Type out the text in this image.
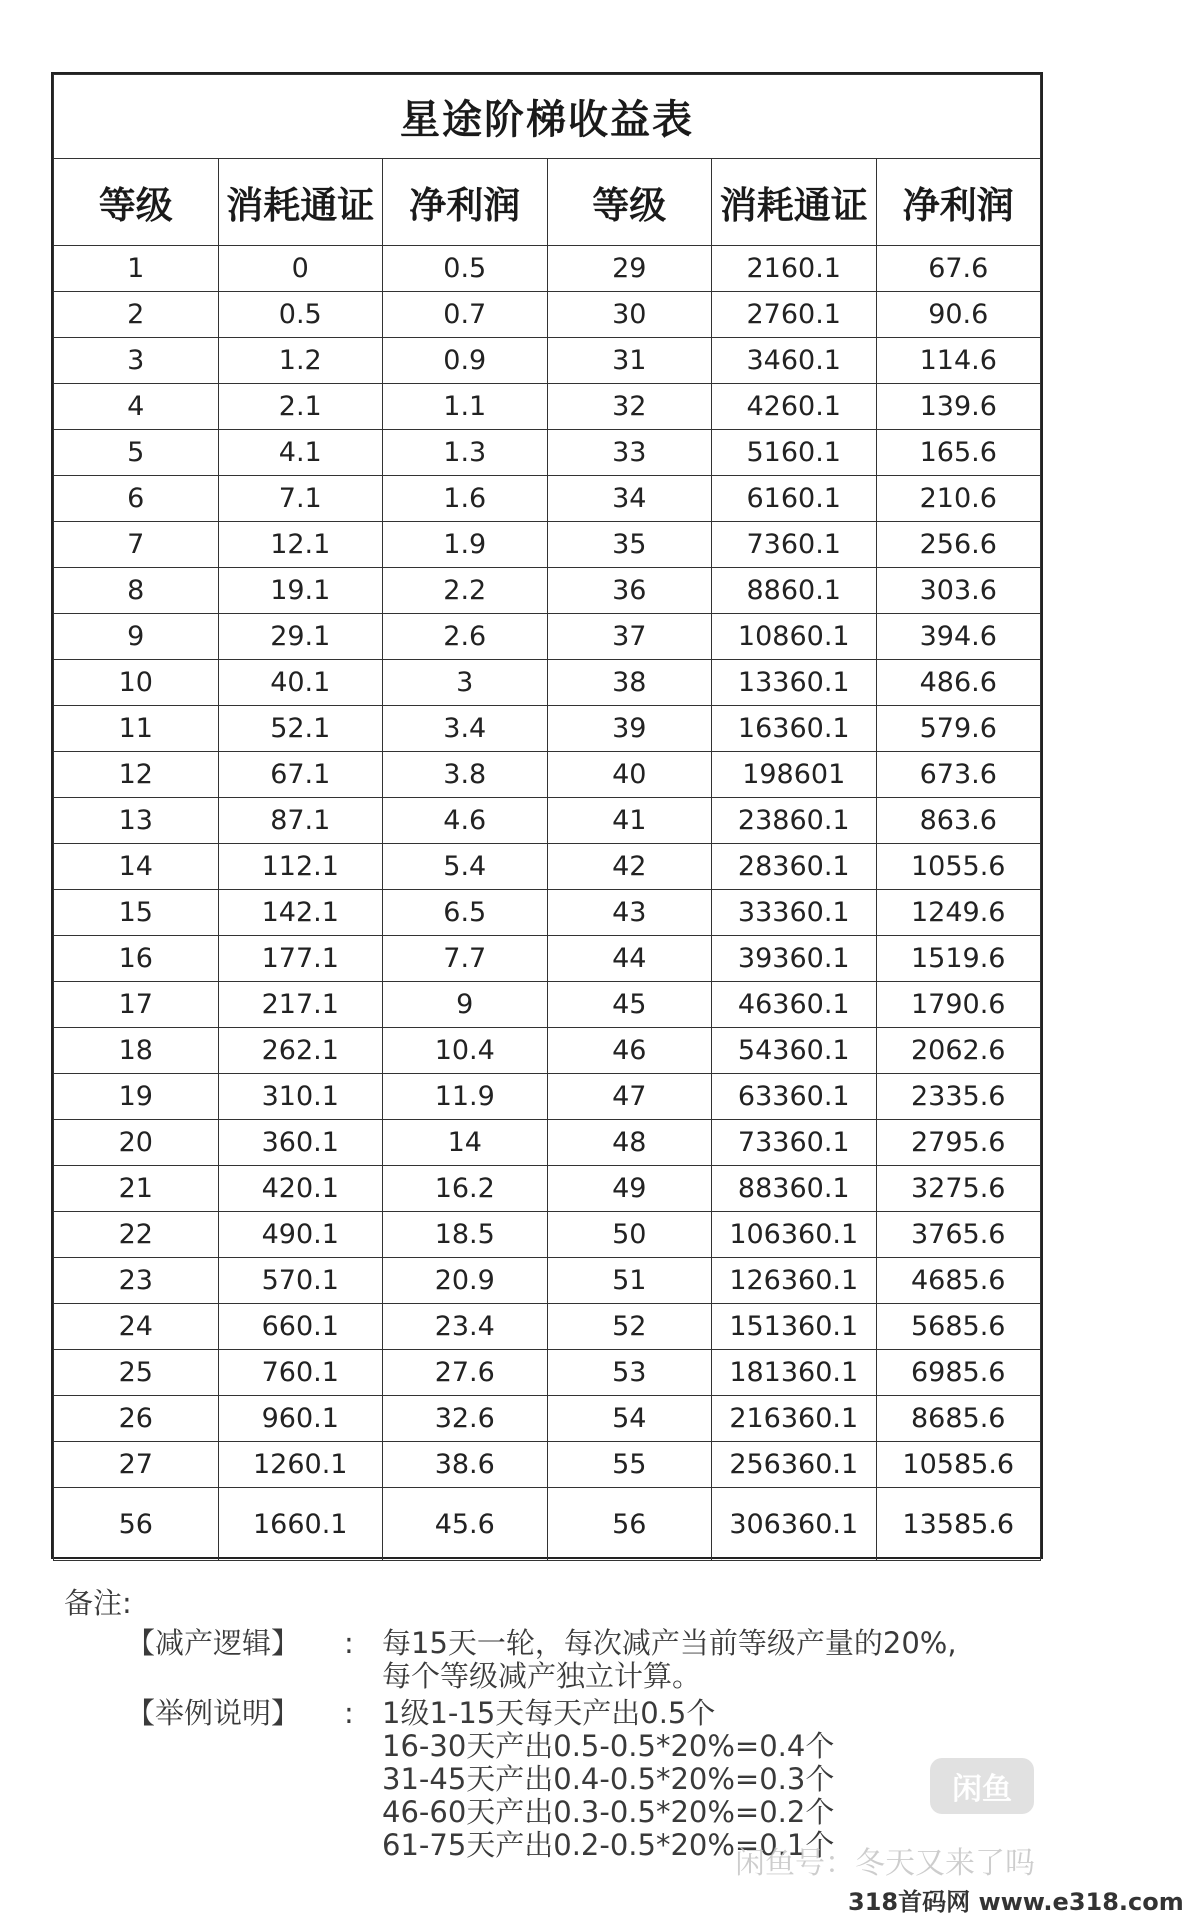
星途阶梯收益表					
等级	消耗通证	净利润	等级	消耗通证	净利润
1	0	0.5	29	2160.1	67.6
2	0.5	0.7	30	2760.1	90.6
3	1.2	0.9	31	3460.1	114.6
4	2.1	1.1	32	4260.1	139.6
5	4.1	1.3	33	5160.1	165.6
6	7.1	1.6	34	6160.1	210.6
7	12.1	1.9	35	7360.1	256.6
8	19.1	2.2	36	8860.1	303.6
9	29.1	2.6	37	10860.1	394.6
10	40.1	3	38	13360.1	486.6
11	52.1	3.4	39	16360.1	579.6
12	67.1	3.8	40	198601	673.6
13	87.1	4.6	41	23860.1	863.6
14	112.1	5.4	42	28360.1	1055.6
15	142.1	6.5	43	33360.1	1249.6
16	177.1	7.7	44	39360.1	1519.6
17	217.1	9	45	46360.1	1790.6
18	262.1	10.4	46	54360.1	2062.6
19	310.1	11.9	47	63360.1	2335.6
20	360.1	14	48	73360.1	2795.6
21	420.1	16.2	49	88360.1	3275.6
22	490.1	18.5	50	106360.1	3765.6
23	570.1	20.9	51	126360.1	4685.6
24	660.1	23.4	52	151360.1	5685.6
25	760.1	27.6	53	181360.1	6985.6
26	960.1	32.6	54	216360.1	8685.6
27	1260.1	38.6	55	256360.1	10585.6
56	1660.1	45.6	56	306360.1	13585.6
备注:
【减产逻辑】	: 每15天一轮，每次减产当前等级产量的20%,
每个等级减产独立计算。
【举例说明】	: 1级1-15天每天产出0.5个
16-30天产出0.5-0.5*20%=0.4个
31-45天产出0.4-0.5*20%=0.3个
46-60天产出0.3-0.5*20%=0.2个
61-75天产出0.2-0.5*20%=0.1个
闲鱼
闲鱼号：冬天又来了吗
318首码网 www.e318.com
